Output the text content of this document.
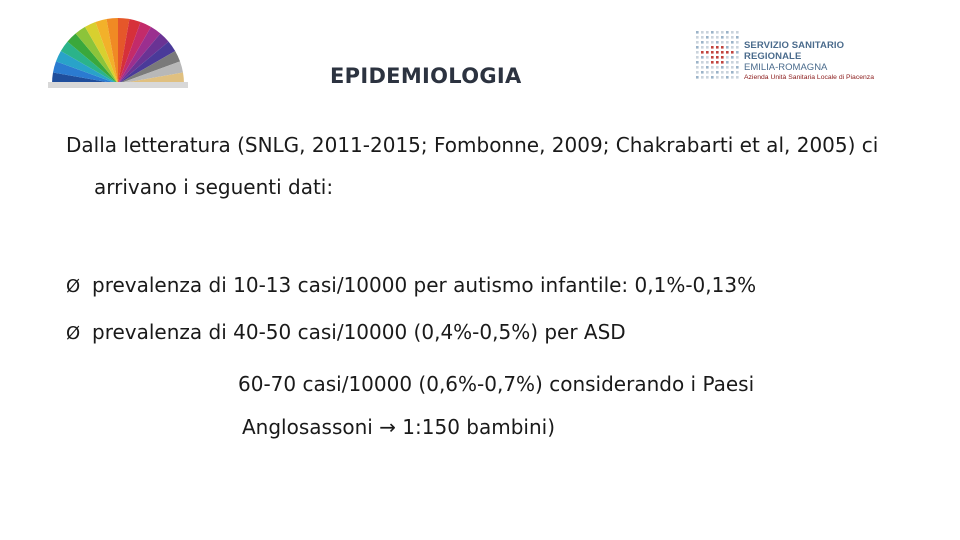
EPIDEMIOLOGIA
SERVIZIO SANITARIO REGIONALE
EMILIA-ROMAGNA
Azienda Unità Sanitaria Locale di Piacenza
Dalla letteratura (SNLG, 2011-2015; Fombonne, 2009; Chakrabarti et al, 2005) ci
arrivano i seguenti dati:
Ø prevalenza di 10-13 casi/10000 per autismo infantile: 0,1%-0,13%
Ø prevalenza di 40-50 casi/10000 (0,4%-0,5%) per ASD
60-70 casi/10000 (0,6%-0,7%) considerando i Paesi
Anglosassoni → 1:150 bambini)
